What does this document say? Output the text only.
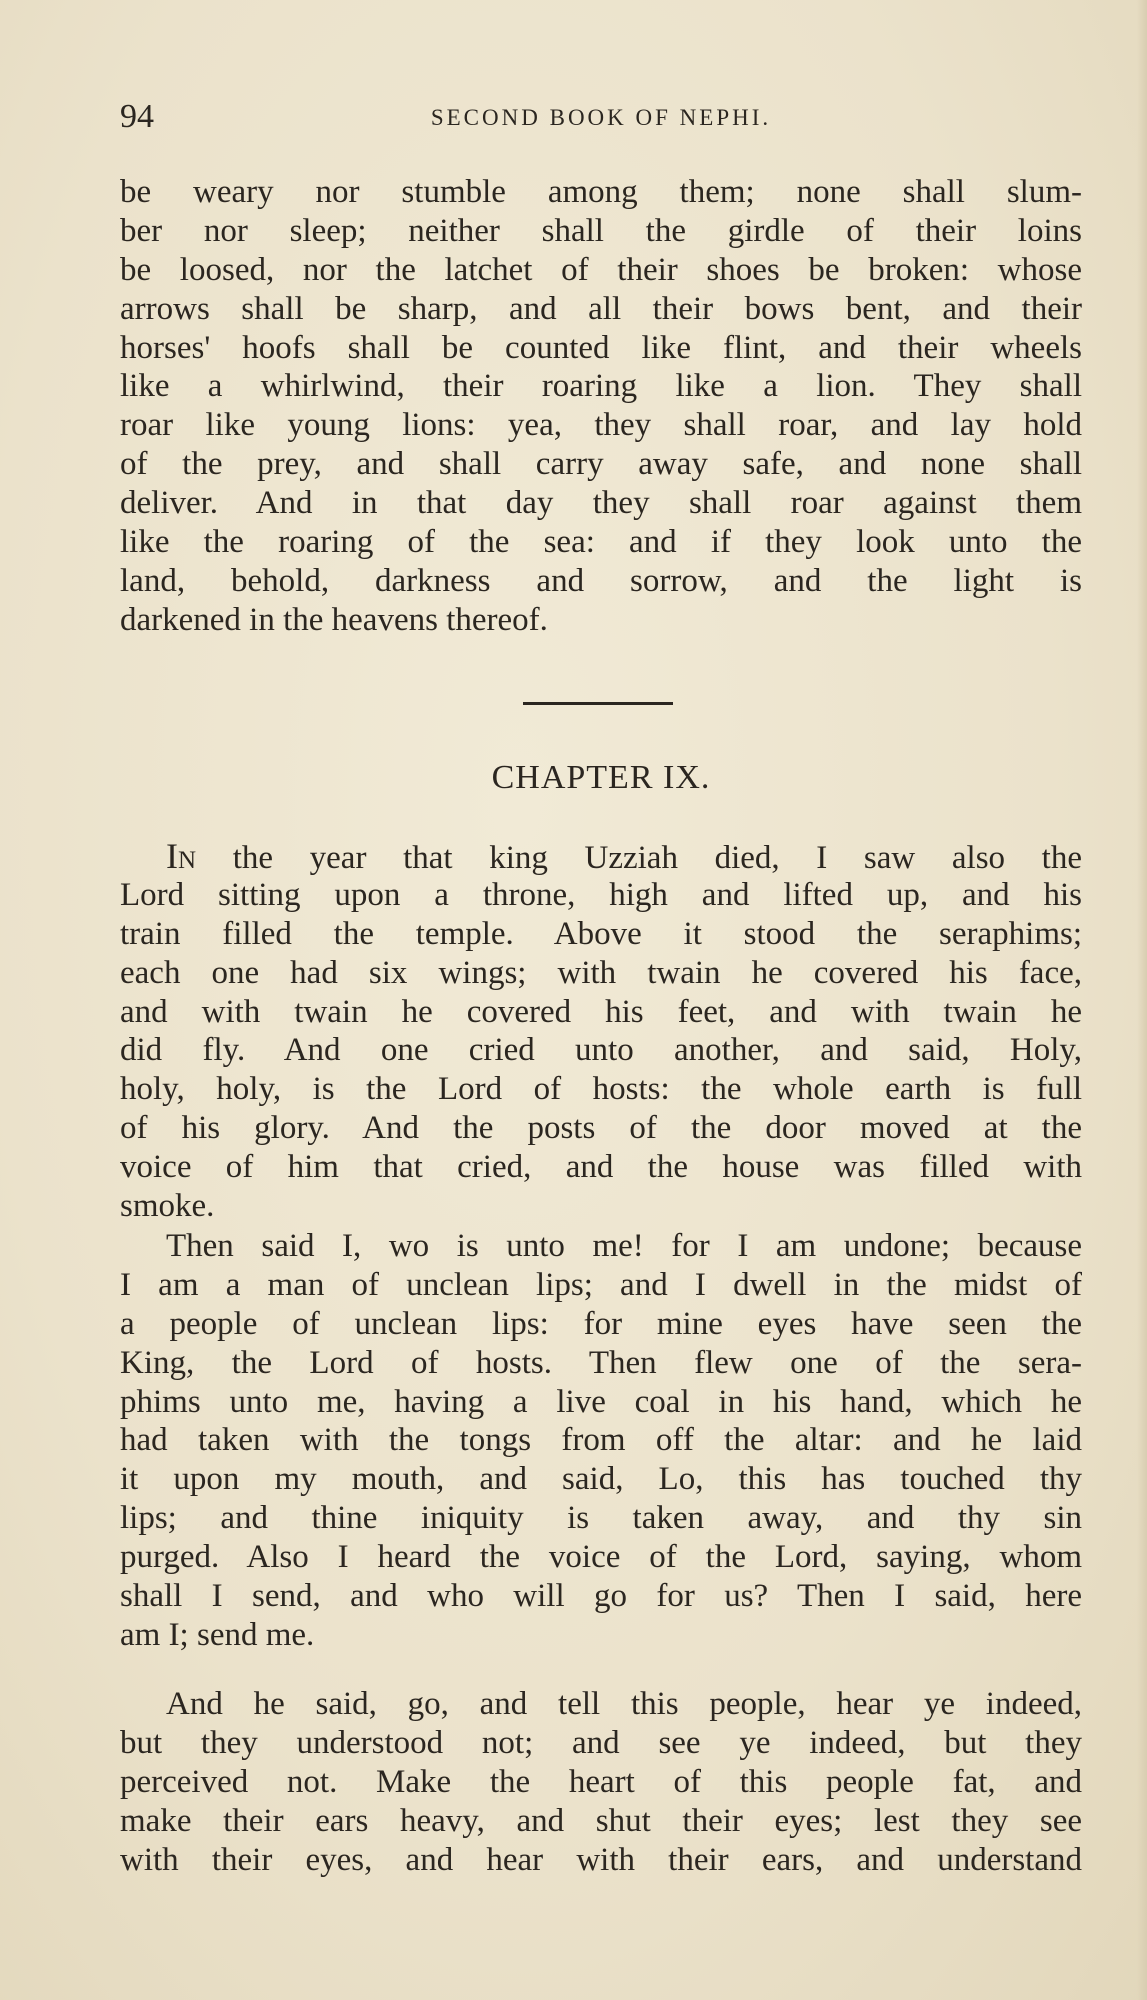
94	SECOND BOOK OF NEPHI.
be weary nor stumble among them; none shall slum-
ber nor sleep; neither shall the girdle of their loins
be loosed, nor the latchet of their shoes be broken: whose
arrows shall be sharp, and all their bows bent, and their
horses' hoofs shall be counted like flint, and their wheels
like a whirlwind, their roaring like a lion. They shall
roar like young lions: yea, they shall roar, and lay hold
of the prey, and shall carry away safe, and none shall
deliver. And in that day they shall roar against them
like the roaring of the sea: and if they look unto the
land, behold, darkness and sorrow, and the light is
darkened in the heavens thereof.
CHAPTER IX.
In the year that king Uzziah died, I saw also the
Lord sitting upon a throne, high and lifted up, and his
train filled the temple. Above it stood the seraphims;
each one had six wings; with twain he covered his face,
and with twain he covered his feet, and with twain he
did fly. And one cried unto another, and said, Holy,
holy, holy, is the Lord of hosts: the whole earth is full
of his glory. And the posts of the door moved at the
voice of him that cried, and the house was filled with
smoke.
Then said I, wo is unto me! for I am undone; because
I am a man of unclean lips; and I dwell in the midst of
a people of unclean lips: for mine eyes have seen the
King, the Lord of hosts. Then flew one of the sera-
phims unto me, having a live coal in his hand, which he
had taken with the tongs from off the altar: and he laid
it upon my mouth, and said, Lo, this has touched thy
lips; and thine iniquity is taken away, and thy sin
purged. Also I heard the voice of the Lord, saying, whom
shall I send, and who will go for us? Then I said, here
am I; send me.
And he said, go, and tell this people, hear ye indeed,
but they understood not; and see ye indeed, but they
perceived not. Make the heart of this people fat, and
make their ears heavy, and shut their eyes; lest they see
with their eyes, and hear with their ears, and understand
